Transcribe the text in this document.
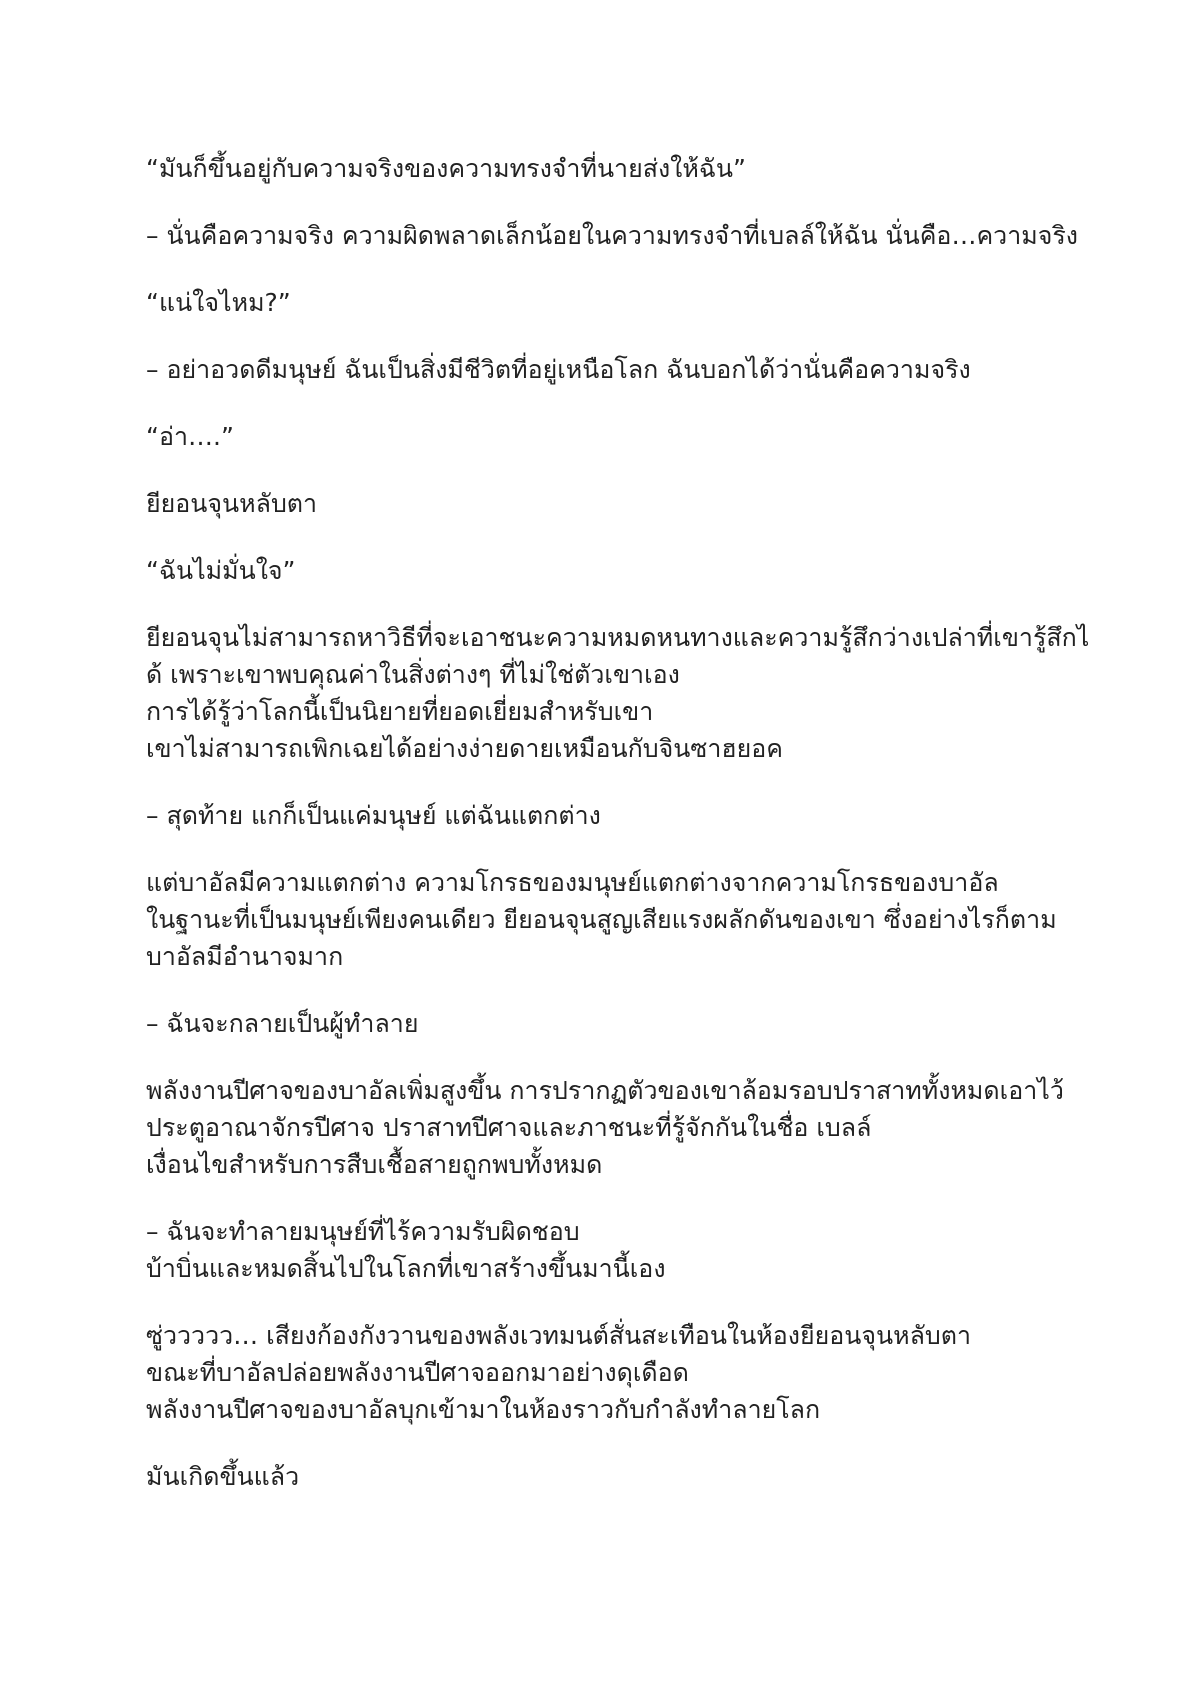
“มันก็ขึ้นอยู่กับความจริงของความทรงจำที่นายส่งให้ฉัน”

– นั่นคือความจริง ความผิดพลาดเล็กน้อยในความทรงจำที่เบลล์ให้ฉัน นั่นคือ…ความจริง

“แน่ใจไหม?”

– อย่าอวดดีมนุษย์ ฉันเป็นสิ่งมีชีวิตที่อยู่เหนือโลก ฉันบอกได้ว่านั่นคือความจริง

“อ่า….”

ยียอนจุนหลับตา

“ฉันไม่มั่นใจ”

ยียอนจุนไม่สามารถหาวิธีที่จะเอาชนะความหมดหนทางและความรู้สึกว่างเปล่าที่เขารู้สึกไ
ด้ เพราะเขาพบคุณค่าในสิ่งต่างๆ ที่ไม่ใช่ตัวเขาเอง
การได้รู้ว่าโลกนี้เป็นนิยายที่ยอดเยี่ยมสำหรับเขา
เขาไม่สามารถเพิกเฉยได้อย่างง่ายดายเหมือนกับจินซาฮยอค

– สุดท้าย แกก็เป็นแค่มนุษย์ แต่ฉันแตกต่าง

แต่บาอัลมีความแตกต่าง ความโกรธของมนุษย์แตกต่างจากความโกรธของบาอัล
ในฐานะที่เป็นมนุษย์เพียงคนเดียว ยียอนจุนสูญเสียแรงผลักดันของเขา ซึ่งอย่างไรก็ตาม
บาอัลมีอำนาจมาก

– ฉันจะกลายเป็นผู้ทำลาย

พลังงานปีศาจของบาอัลเพิ่มสูงขึ้น การปรากฏตัวของเขาล้อมรอบปราสาททั้งหมดเอาไว้
ประตูอาณาจักรปีศาจ ปราสาทปีศาจและภาชนะที่รู้จักกันในชื่อ เบลล์
เงื่อนไขสำหรับการสืบเชื้อสายถูกพบทั้งหมด

– ฉันจะทำลายมนุษย์ที่ไร้ความรับผิดชอบ
บ้าบิ่นและหมดสิ้นไปในโลกที่เขาสร้างขึ้นมานี้เอง

ซู่ววววว… เสียงก้องกังวานของพลังเวทมนต์สั่นสะเทือนในห้องยียอนจุนหลับตา
ขณะที่บาอัลปล่อยพลังงานปีศาจออกมาอย่างดุเดือด
พลังงานปีศาจของบาอัลบุกเข้ามาในห้องราวกับกำลังทำลายโลก

มันเกิดขึ้นแล้ว
